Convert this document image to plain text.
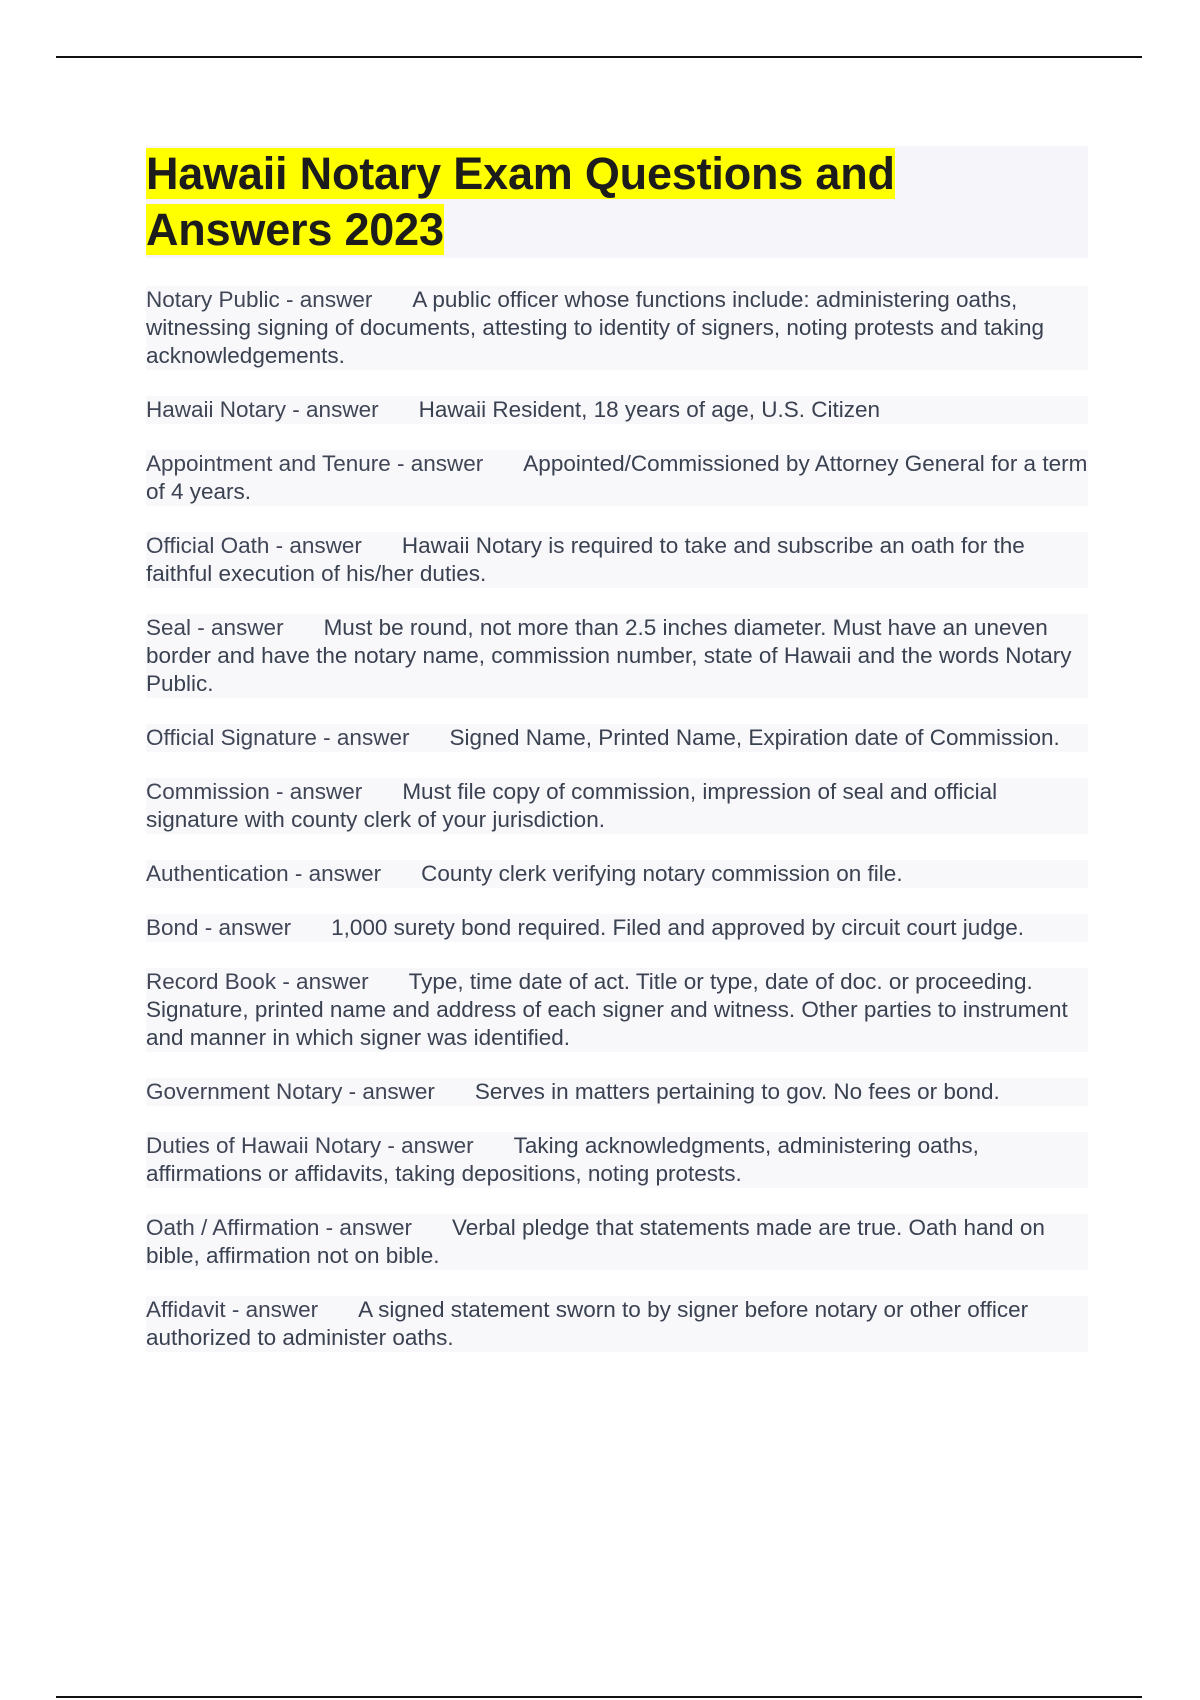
Hawaii Notary Exam Questions and
Answers 2023

Notary Public - answer A public officer whose functions include: administering oaths, witnessing signing of documents, attesting to identity of signers, noting protests and taking acknowledgements.

Hawaii Notary - answer Hawaii Resident, 18 years of age, U.S. Citizen

Appointment and Tenure - answer Appointed/Commissioned by Attorney General for a term of 4 years.

Official Oath - answer Hawaii Notary is required to take and subscribe an oath for the faithful execution of his/her duties.

Seal - answer Must be round, not more than 2.5 inches diameter. Must have an uneven border and have the notary name, commission number, state of Hawaii and the words Notary Public.

Official Signature - answer Signed Name, Printed Name, Expiration date of Commission.

Commission - answer Must file copy of commission, impression of seal and official signature with county clerk of your jurisdiction.

Authentication - answer County clerk verifying notary commission on file.

Bond - answer 1,000 surety bond required. Filed and approved by circuit court judge.

Record Book - answer Type, time date of act. Title or type, date of doc. or proceeding. Signature, printed name and address of each signer and witness. Other parties to instrument and manner in which signer was identified.

Government Notary - answer Serves in matters pertaining to gov. No fees or bond.

Duties of Hawaii Notary - answer Taking acknowledgments, administering oaths, affirmations or affidavits, taking depositions, noting protests.

Oath / Affirmation - answer Verbal pledge that statements made are true. Oath hand on bible, affirmation not on bible.

Affidavit - answer A signed statement sworn to by signer before notary or other officer authorized to administer oaths.
